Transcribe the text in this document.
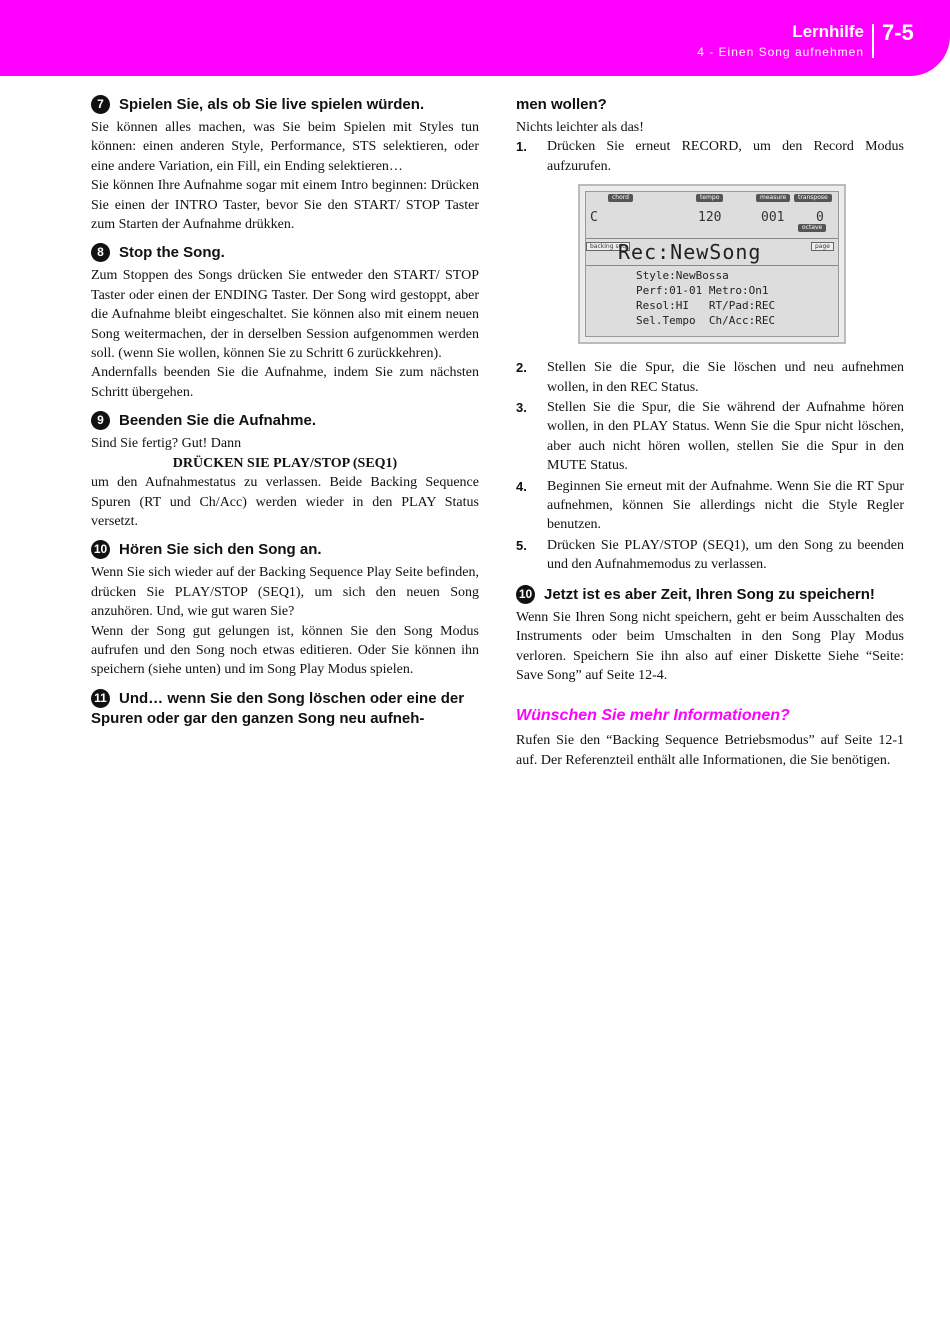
Lernhilfe
4 - Einen Song aufnehmen
7-5
7 Spielen Sie, als ob Sie live spielen würden.

Sie können alles machen, was Sie beim Spielen mit Styles tun können: einen anderen Style, Performance, STS selektieren, oder eine andere Variation, ein Fill, ein Ending selektieren…

Sie können Ihre Aufnahme sogar mit einem Intro beginnen: Drücken Sie einen der INTRO Taster, bevor Sie den START/ STOP Taster zum Starten der Aufnahme drükken.

8 Stop the Song.

Zum Stoppen des Songs drücken Sie entweder den START/ STOP Taster oder einen der ENDING Taster. Der Song wird gestoppt, aber die Aufnahme bleibt eingeschaltet. Sie können also mit einem neuen Song weitermachen, der in derselben Session aufgenommen werden soll. (wenn Sie wollen, können Sie zu Schritt 6 zurückkehren).

Andernfalls beenden Sie die Aufnahme, indem Sie zum nächsten Schritt übergehen.

9 Beenden Sie die Aufnahme.

Sind Sie fertig? Gut! Dann

DRÜCKEN SIE PLAY/STOP (SEQ1)

um den Aufnahmestatus zu verlassen. Beide Backing Sequence Spuren (RT und Ch/Acc) werden wieder in den PLAY Status versetzt.

10 Hören Sie sich den Song an.

Wenn Sie sich wieder auf der Backing Sequence Play Seite befinden, drücken Sie PLAY/STOP (SEQ1), um sich den neuen Song anzuhören. Und, wie gut waren Sie?

Wenn der Song gut gelungen ist, können Sie den Song Modus aufrufen und den Song noch etwas editieren. Oder Sie können ihn speichern (siehe unten) und im Song Play Modus spielen.

11 Und… wenn Sie den Song löschen oder eine der Spuren oder gar den ganzen Song neu aufneh-
men wollen?

Nichts leichter als das!

1. Drücken Sie erneut RECORD, um den Record Modus aufzurufen.
chord	tempo	measure	transpose
octave
C	120	001 0
backing seq	page
Rec:NewSong
Style:NewBossa
Perf:01-01 Metro:On1
Resol:HI   RT/Pad:REC
Sel.Tempo  Ch/Acc:REC
2. Stellen Sie die Spur, die Sie löschen und neu aufnehmen wollen, in den REC Status.
3. Stellen Sie die Spur, die Sie während der Aufnahme hören wollen, in den PLAY Status. Wenn Sie die Spur nicht löschen, aber auch nicht hören wollen, stellen Sie die Spur in den MUTE Status.
4. Beginnen Sie erneut mit der Aufnahme. Wenn Sie die RT Spur aufnehmen, können Sie allerdings nicht die Style Regler benutzen.
5. Drücken Sie PLAY/STOP (SEQ1), um den Song zu beenden und den Aufnahmemodus zu verlassen.
10 Jetzt ist es aber Zeit, Ihren Song zu speichern!

Wenn Sie Ihren Song nicht speichern, geht er beim Ausschalten des Instruments oder beim Umschalten in den Song Play Modus verloren. Speichern Sie ihn also auf einer Diskette Siehe “Seite: Save Song” auf Seite 12-4.

Wünschen Sie mehr Informationen?

Rufen Sie den “Backing Sequence Betriebsmodus” auf Seite 12-1 auf. Der Referenzteil enthält alle Informationen, die Sie benötigen.
